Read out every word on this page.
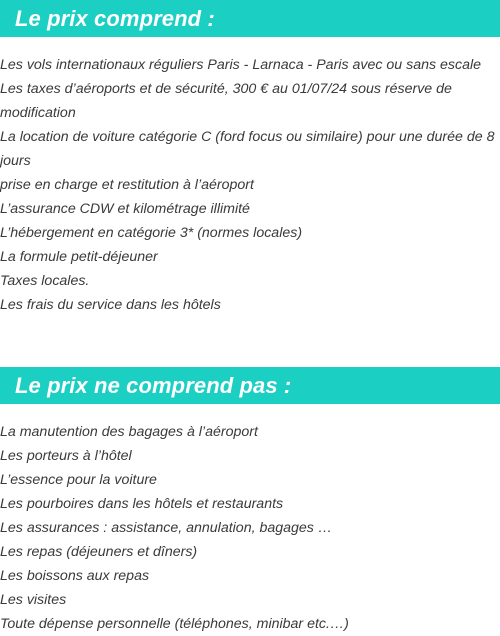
Le prix comprend :
Les vols internationaux réguliers Paris - Larnaca - Paris avec ou sans escale
Les taxes d’aéroports et de sécurité, 300 € au 01/07/24 sous réserve de modification
La location de voiture catégorie C (ford focus ou similaire) pour une durée de 8 jours
prise en charge et restitution à l’aéroport
L’assurance CDW et kilométrage illimité
L’hébergement en catégorie 3* (normes locales)
La formule petit-déjeuner
Taxes locales.
Les frais du service dans les hôtels
Le prix ne comprend pas :
La manutention des bagages à l’aéroport
Les porteurs à l’hôtel
L’essence pour la voiture
Les pourboires dans les hôtels et restaurants
Les assurances : assistance, annulation, bagages …
Les repas (déjeuners et dîners)
Les boissons aux repas
Les visites
Toute dépense personnelle (téléphones, minibar etc.…)
